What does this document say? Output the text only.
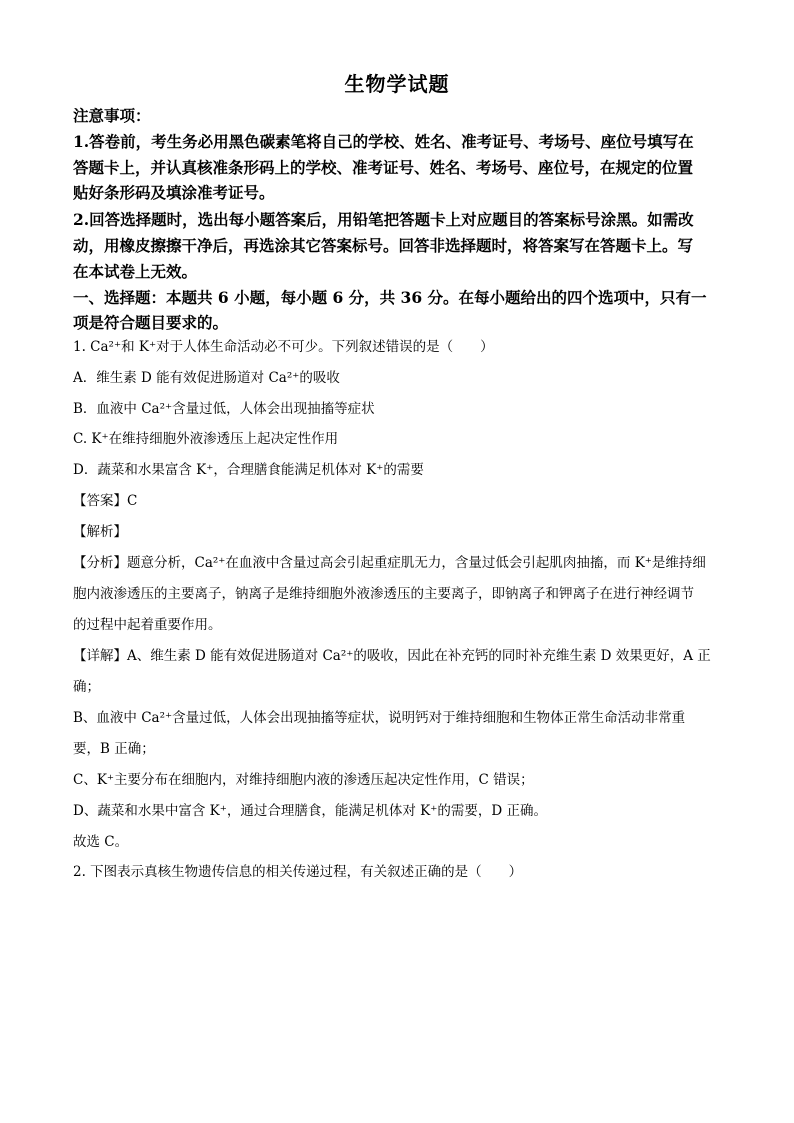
生物学试题
注意事项：
1.答卷前，考生务必用黑色碳素笔将自己的学校、姓名、准考证号、考场号、座位号填写在
答题卡上，并认真核准条形码上的学校、准考证号、姓名、考场号、座位号，在规定的位置
贴好条形码及填涂准考证号。
2.回答选择题时，选出每小题答案后，用铅笔把答题卡上对应题目的答案标号涂黑。如需改
动，用橡皮擦擦干净后，再选涂其它答案标号。回答非选择题时，将答案写在答题卡上。写
在本试卷上无效。
一、选择题：本题共 6 小题，每小题 6 分，共 36 分。在每小题给出的四个选项中，只有一
项是符合题目要求的。
1. Ca²⁺和 K⁺对于人体生命活动必不可少。下列叙述错误的是（　　）
A．维生素 D 能有效促进肠道对 Ca²⁺的吸收
B．血液中 Ca²⁺含量过低，人体会出现抽搐等症状
C. K⁺在维持细胞外液渗透压上起决定性作用
D．蔬菜和水果富含 K⁺，合理膳食能满足机体对 K⁺的需要
【答案】C
【解析】
【分析】题意分析，Ca²⁺在血液中含量过高会引起重症肌无力，含量过低会引起肌肉抽搐，而 K⁺是维持细
胞内液渗透压的主要离子，钠离子是维持细胞外液渗透压的主要离子，即钠离子和钾离子在进行神经调节
的过程中起着重要作用。
【详解】A、维生素 D 能有效促进肠道对 Ca²⁺的吸收，因此在补充钙的同时补充维生素 D 效果更好，A 正
确；
B、血液中 Ca²⁺含量过低，人体会出现抽搐等症状，说明钙对于维持细胞和生物体正常生命活动非常重
要，B 正确；
C、K⁺主要分布在细胞内，对维持细胞内液的渗透压起决定性作用，C 错误；
D、蔬菜和水果中富含 K⁺，通过合理膳食，能满足机体对 K⁺的需要，D 正确。
故选 C。
2. 下图表示真核生物遗传信息的相关传递过程，有关叙述正确的是（　　）
